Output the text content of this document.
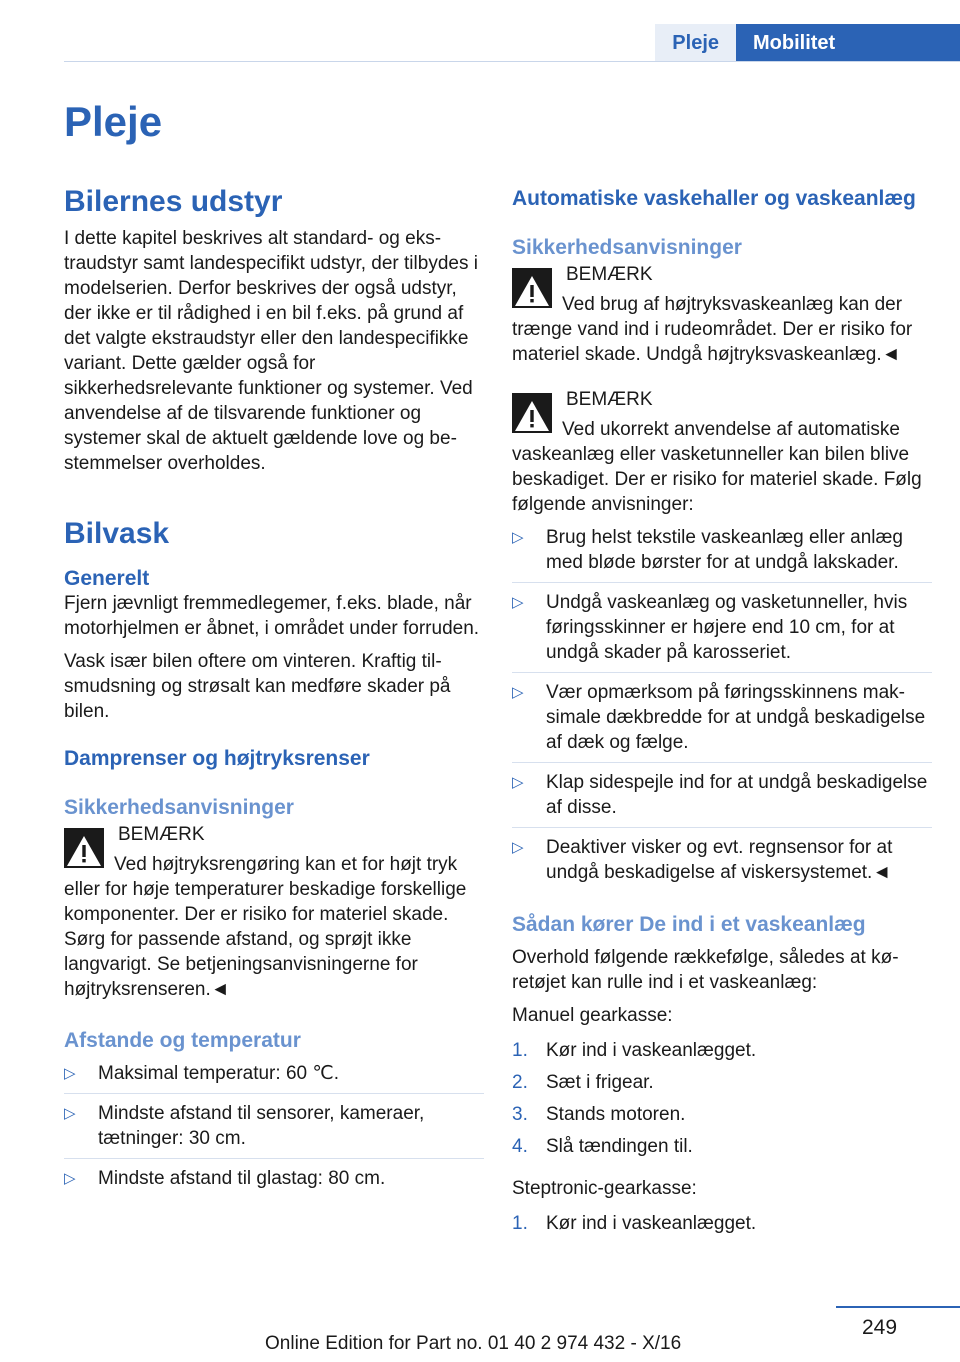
Pleje	Mobilitet
Pleje
Bilernes udstyr

I dette kapitel beskrives alt standard- og ekstraudstyr samt landespecifikt udstyr, der tilbydes i modelserien. Derfor beskrives der også udstyr, der ikke er til rådighed i en bil f.eks. på grund af det valgte ekstraudstyr eller den landespecifikke variant. Dette gælder også for sikkerhedsrelevante funktioner og systemer. Ved anvendelse af de tilsvarende funktioner og systemer skal de aktuelt gældende love og bestemmelser overholdes.

Bilvask
Generelt

Fjern jævnligt fremmedlegemer, f.eks. blade, når motorhjelmen er åbnet, i området under forruden.

Vask især bilen oftere om vinteren. Kraftig tilsmudsning og strøsalt kan medføre skader på bilen.

Damprenser og højtryksrenser
Sikkerhedsanvisninger
BEMÆRK
Ved højtryksrengøring kan et for højt tryk eller for høje temperaturer beskadige forskellige komponenter. Der er risiko for materiel skade. Sørg for passende afstand, og sprøjt ikke langvarigt. Se betjeningsanvisningerne for højtryksrenseren.◄
Afstande og temperatur
▷ Maksimal temperatur: 60 ℃.
▷ Mindste afstand til sensorer, kameraer, tætninger: 30 cm.
▷ Mindste afstand til glastag: 80 cm.
Automatiske vaskehaller og vaskeanlæg
Sikkerhedsanvisninger
BEMÆRK
Ved brug af højtryksvaskeanlæg kan der trænge vand ind i rudeområdet. Der er risiko for materiel skade. Undgå højtryksvaskeanlæg.◄
BEMÆRK
Ved ukorrekt anvendelse af automatiske vaskeanlæg eller vasketunneller kan bilen blive beskadiget. Der er risiko for materiel skade. Følg følgende anvisninger:
▷ Brug helst tekstile vaskeanlæg eller anlæg med bløde børster for at undgå lakskader.
▷ Undgå vaskeanlæg og vasketunneller, hvis føringsskinner er højere end 10 cm, for at undgå skader på karosseriet.
▷ Vær opmærksom på føringsskinnens maksimale dækbredde for at undgå beskadigelse af dæk og fælge.
▷ Klap sidespejle ind for at undgå beskadigelse af disse.
▷ Deaktiver visker og evt. regnsensor for at undgå beskadigelse af viskersystemet.◄
Sådan kører De ind i et vaskeanlæg

Overhold følgende rækkefølge, således at køretøjet kan rulle ind i et vaskeanlæg:

Manuel gearkasse:

1. Kør ind i vaskeanlægget.
2. Sæt i frigear.
3. Stands motoren.
4. Slå tændingen til.

Steptronic-gearkasse:

1. Kør ind i vaskeanlægget.
249
Online Edition for Part no. 01 40 2 974 432 - X/16
